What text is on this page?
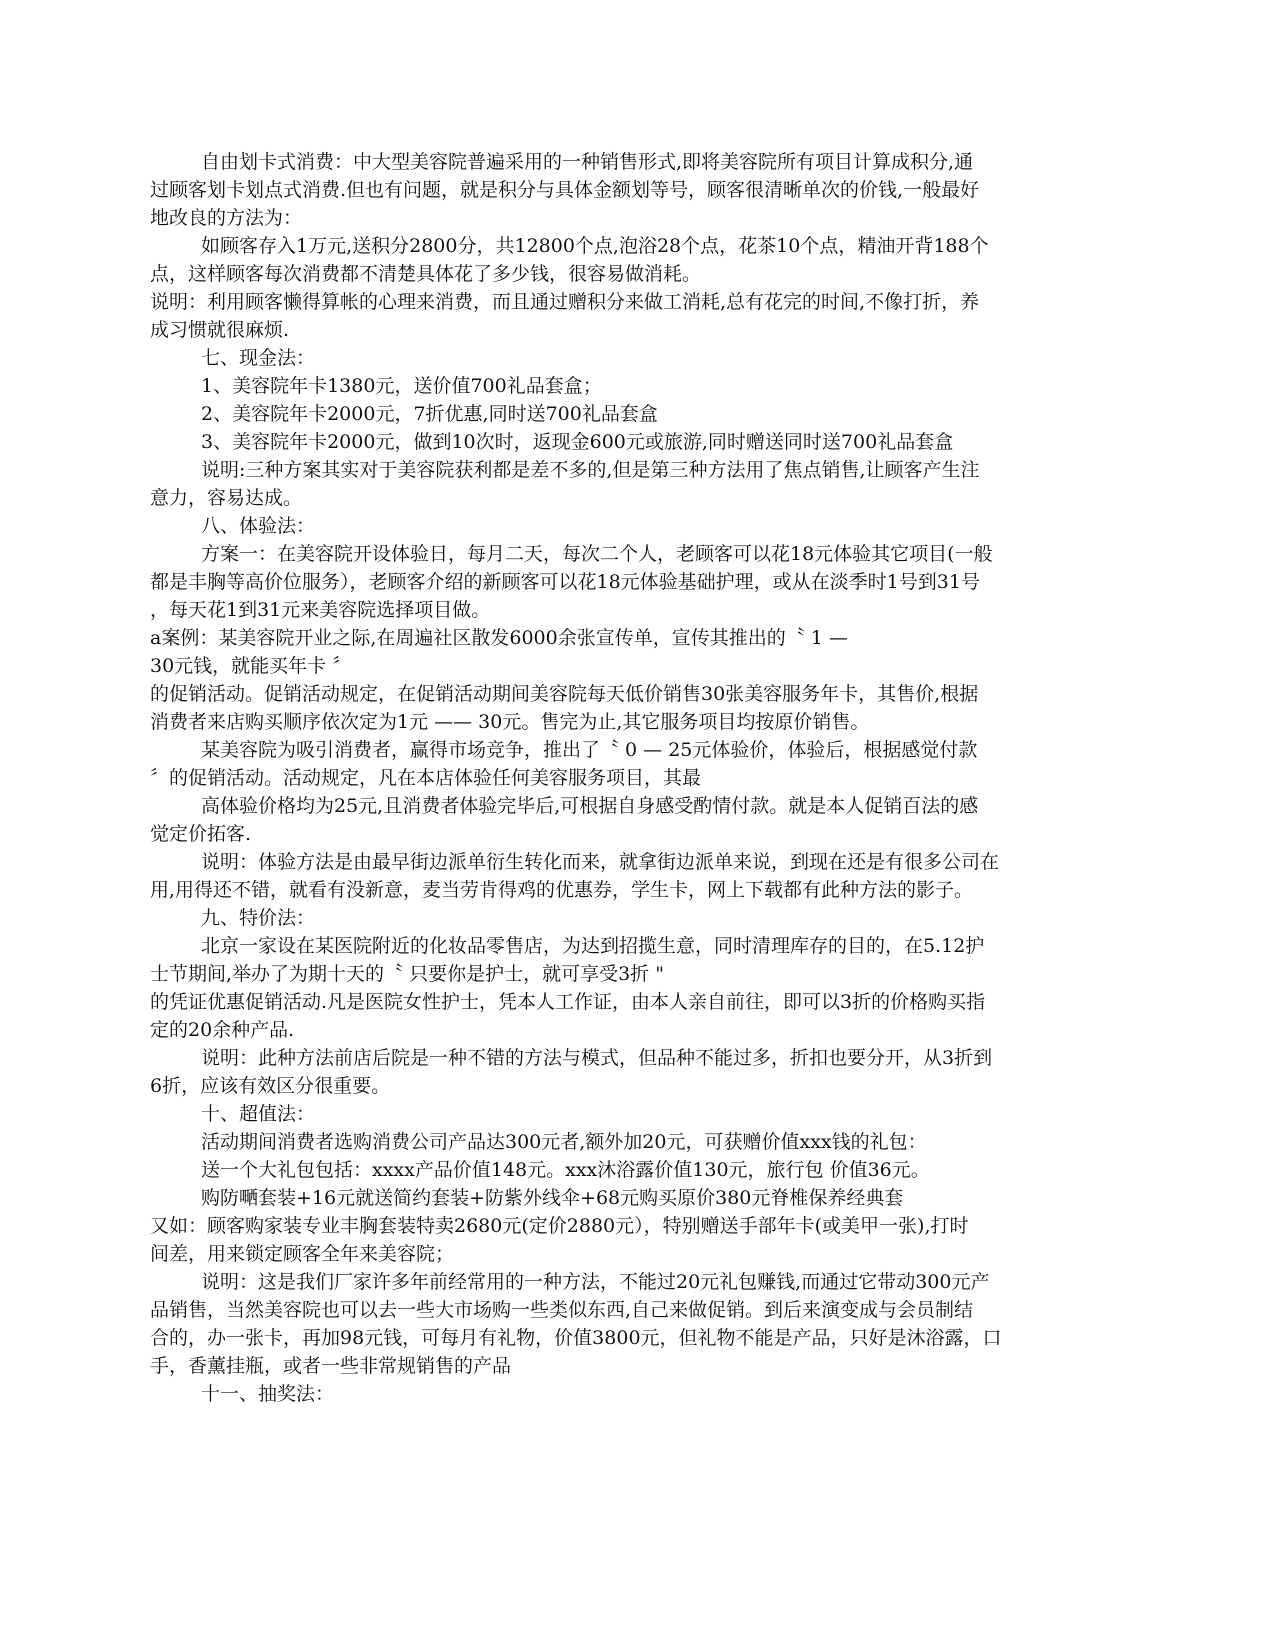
自由划卡式消费：中大型美容院普遍采用的一种销售形式,即将美容院所有项目计算成积分,通
过顾客划卡划点式消费.但也有问题，就是积分与具体金额划等号，顾客很清晰单次的价钱,一般最好
地改良的方法为：
如顾客存入1万元,送积分2800分，共12800个点,泡浴28个点，花茶10个点，精油开背188个
点，这样顾客每次消费都不清楚具体花了多少钱，很容易做消耗。
说明：利用顾客懒得算帐的心理来消费，而且通过赠积分来做工消耗,总有花完的时间,不像打折，养
成习惯就很麻烦.
七、现金法：
1、美容院年卡1380元，送价值700礼品套盒；
2、美容院年卡2000元，7折优惠,同时送700礼品套盒
3、美容院年卡2000元，做到10次时，返现金600元或旅游,同时赠送同时送700礼品套盒
说明:三种方案其实对于美容院获利都是差不多的,但是第三种方法用了焦点销售,让顾客产生注
意力，容易达成。
八、体验法：
方案一：在美容院开设体验日，每月二天，每次二个人，老顾客可以花18元体验其它项目(一般
都是丰胸等高价位服务），老顾客介绍的新顾客可以花18元体验基础护理，或从在淡季时1号到31号
，每天花1到31元来美容院选择项目做。
a案例：某美容院开业之际,在周遍社区散发6000余张宣传单，宣传其推出的〝 1 —
30元钱，就能买年卡 〞
的促销活动。促销活动规定，在促销活动期间美容院每天低价销售30张美容服务年卡，其售价,根据
消费者来店购买顺序依次定为1元 —— 30元。售完为止,其它服务项目均按原价销售。
某美容院为吸引消费者，赢得市场竞争，推出了〝 0 — 25元体验价，体验后，根据感觉付款
〞的促销活动。活动规定，凡在本店体验任何美容服务项目，其最
高体验价格均为25元,且消费者体验完毕后,可根据自身感受酌情付款。就是本人促销百法的感
觉定价拓客.
说明：体验方法是由最早街边派单衍生转化而来，就拿街边派单来说，到现在还是有很多公司在
用,用得还不错，就看有没新意，麦当劳肯得鸡的优惠券，学生卡，网上下载都有此种方法的影子。
九、特价法：
北京一家设在某医院附近的化妆品零售店，为达到招揽生意，同时清理库存的目的，在5.12护
士节期间,举办了为期十天的〝 只要你是护士，就可享受3折 "
的凭证优惠促销活动.凡是医院女性护士，凭本人工作证，由本人亲自前往，即可以3折的价格购买指
定的20余种产品.
说明：此种方法前店后院是一种不错的方法与模式，但品种不能过多，折扣也要分开，从3折到
6折，应该有效区分很重要。
十、超值法：
活动期间消费者选购消费公司产品达300元者,额外加20元，可获赠价值xxx钱的礼包：
送一个大礼包包括：xxxx产品价值148元。xxx沐浴露价值130元，旅行包 价值36元。
购防嗮套装+16元就送简约套装+防紫外线伞+68元购买原价380元脊椎保养经典套
又如：顾客购家装专业丰胸套装特卖2680元(定价2880元），特别赠送手部年卡(或美甲一张),打时
间差，用来锁定顾客全年来美容院；
说明：这是我们厂家许多年前经常用的一种方法，不能过20元礼包赚钱,而通过它带动300元产
品销售，当然美容院也可以去一些大市场购一些类似东西,自己来做促销。到后来演变成与会员制结
合的，办一张卡，再加98元钱，可每月有礼物，价值3800元，但礼物不能是产品，只好是沐浴露，口
手，香薰挂瓶，或者一些非常规销售的产品
十一、抽奖法：
